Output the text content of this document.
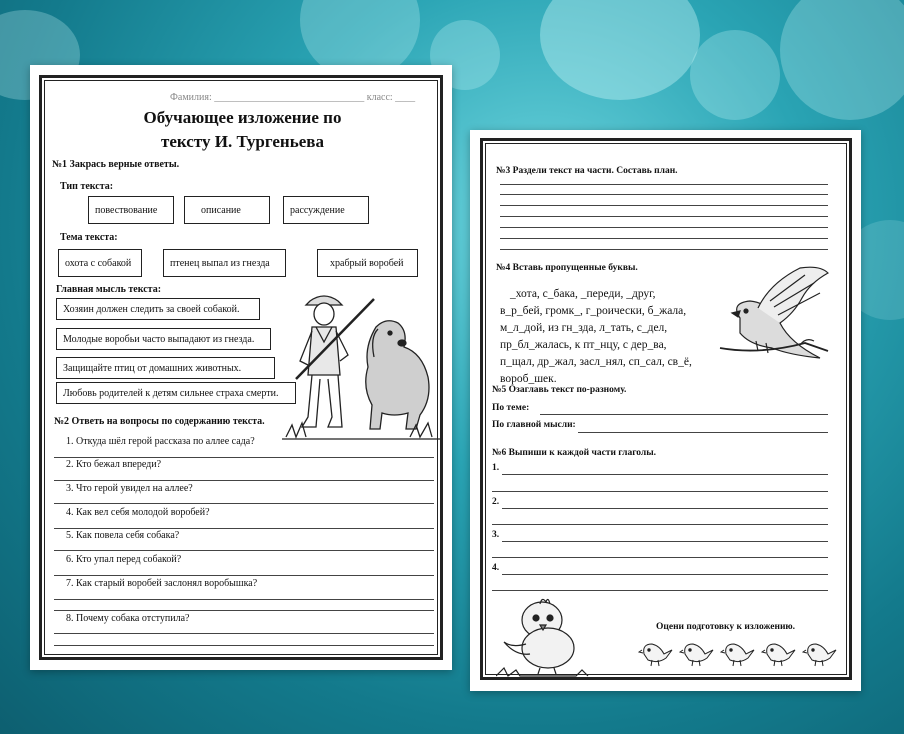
Фамилия: ______________________________ класс: ____
Обучающее изложение по
тексту И. Тургеньева
№1 Закрась верные ответы.
Тип текста:
повествование	описание	рассуждение
Тема текста:
охота с собакой	птенец выпал из гнезда	храбрый воробей
Главная мысль текста:
Хозяин должен следить за своей собакой.
Молодые воробьи часто выпадают из гнезда.
Защищайте птиц от домашних животных.
Любовь родителей к детям сильнее страха смерти.
№2 Ответь на вопросы по содержанию текста.
1. Откуда шёл герой рассказа по аллее сада?
2. Кто бежал впереди?
3. Что герой увидел на аллее?
4. Как вел себя молодой воробей?
5. Как повела себя собака?
6. Кто упал перед собакой?
7. Как старый воробей заслонял воробышка?
8. Почему собака отступила?
№3 Раздели текст на части. Составь план.
№4 Вставь пропущенные буквы.
_хота, с_бака, _переди, _друг,
в_р_бей, громк_, г_роически, б_жала,
м_л_дой, из гн_зда, л_тать, с_дел,
пр_бл_жалась, к пт_нцу, с дер_ва,
п_щал, др_жал, засл_нял, сп_сал, св_ё,
вороб_шек.
№5 Озаглавь текст по-разному.
По теме:
По главной мысли:
№6 Выпиши к каждой части глаголы.
1.
2.
3.
4.
Оцени подготовку к изложению.
